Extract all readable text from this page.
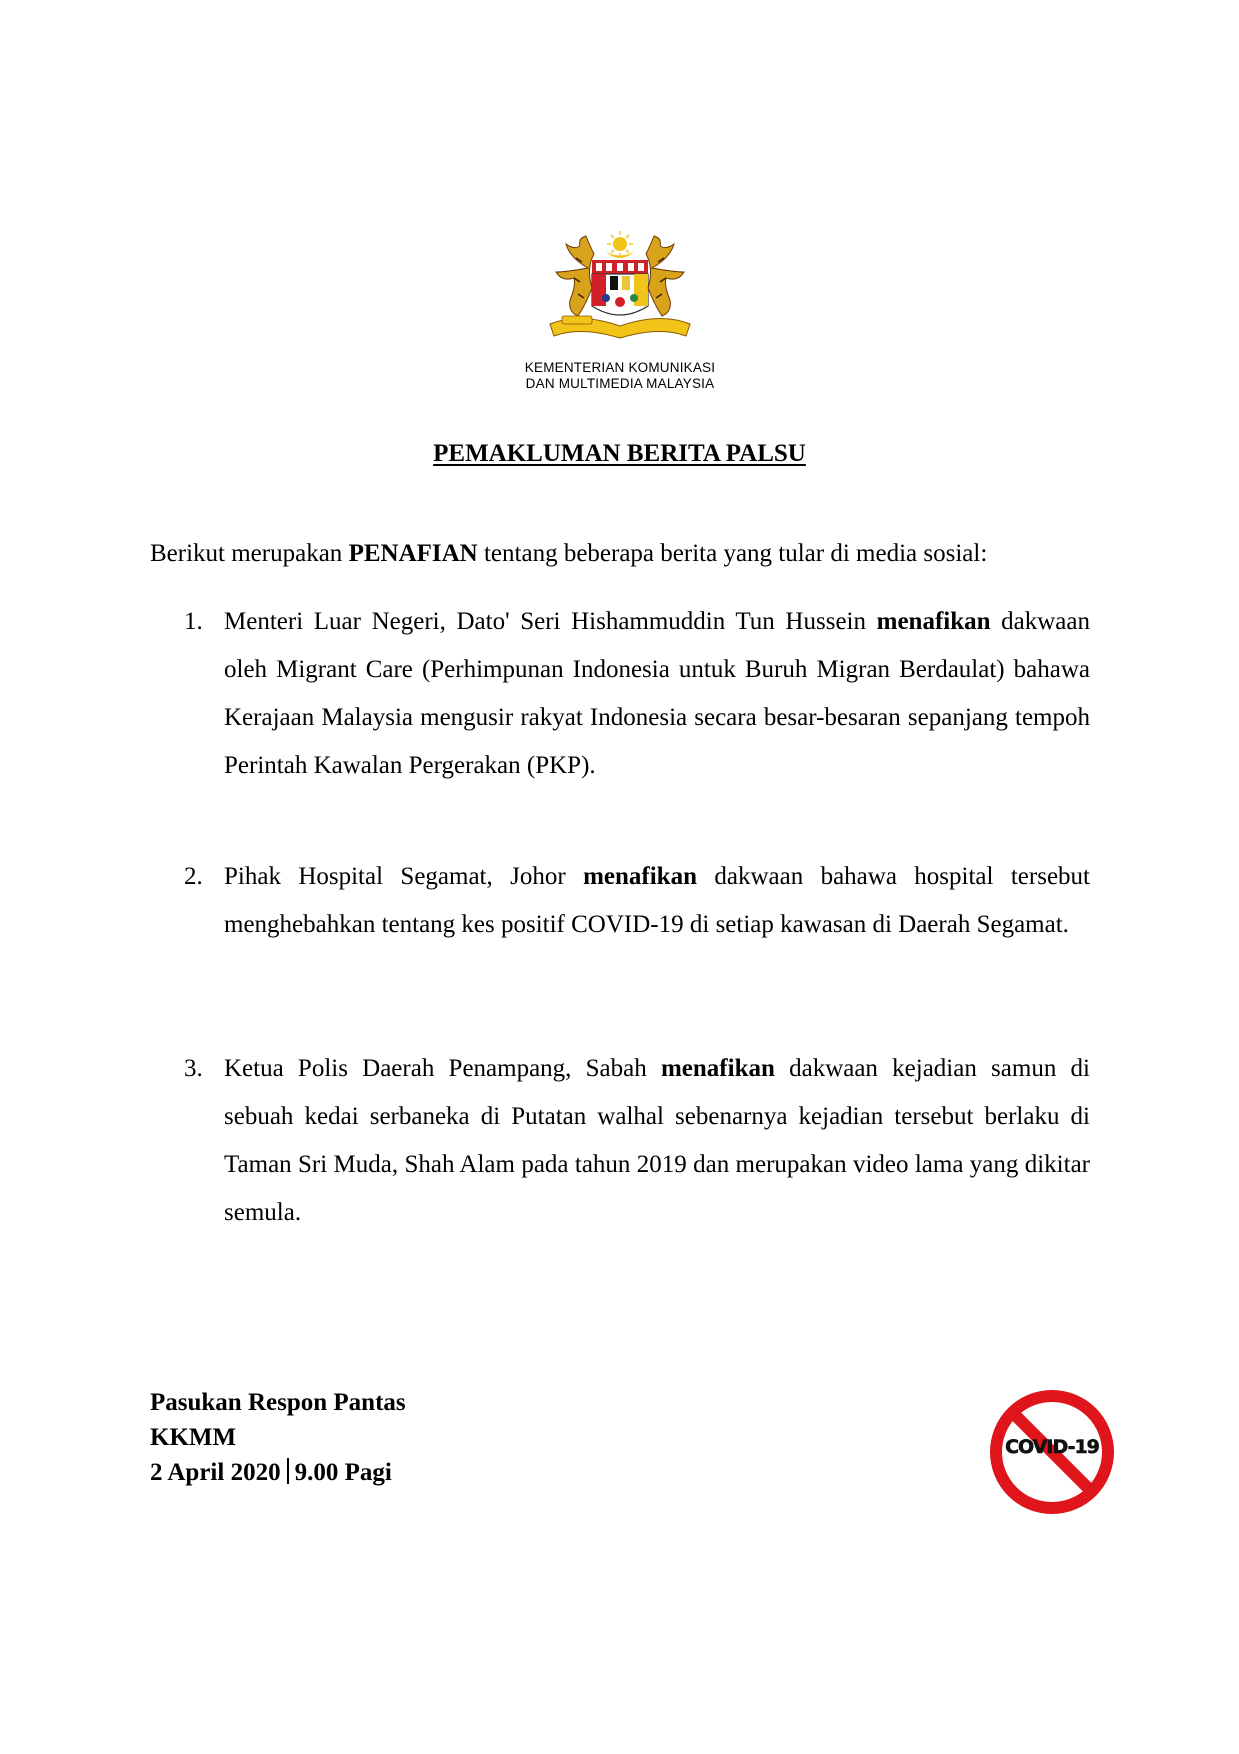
KEMENTERIAN KOMUNIKASI
DAN MULTIMEDIA MALAYSIA
PEMAKLUMAN BERITA PALSU
Berikut merupakan PENAFIAN tentang beberapa berita yang tular di media sosial:
1. Menteri Luar Negeri, Dato' Seri Hishammuddin Tun Hussein menafikan dakwaan oleh Migrant Care (Perhimpunan Indonesia untuk Buruh Migran Berdaulat) bahawa Kerajaan Malaysia mengusir rakyat Indonesia secara besar-besaran sepanjang tempoh Perintah Kawalan Pergerakan (PKP).
2. Pihak Hospital Segamat, Johor menafikan dakwaan bahawa hospital tersebut menghebahkan tentang kes positif COVID-19 di setiap kawasan di Daerah Segamat.
3. Ketua Polis Daerah Penampang, Sabah menafikan dakwaan kejadian samun di sebuah kedai serbaneka di Putatan walhal sebenarnya kejadian tersebut berlaku di Taman Sri Muda, Shah Alam pada tahun 2019 dan merupakan video lama yang dikitar semula.
Pasukan Respon Pantas
KKMM
2 April 2020 9.00 Pagi
COVID-19
